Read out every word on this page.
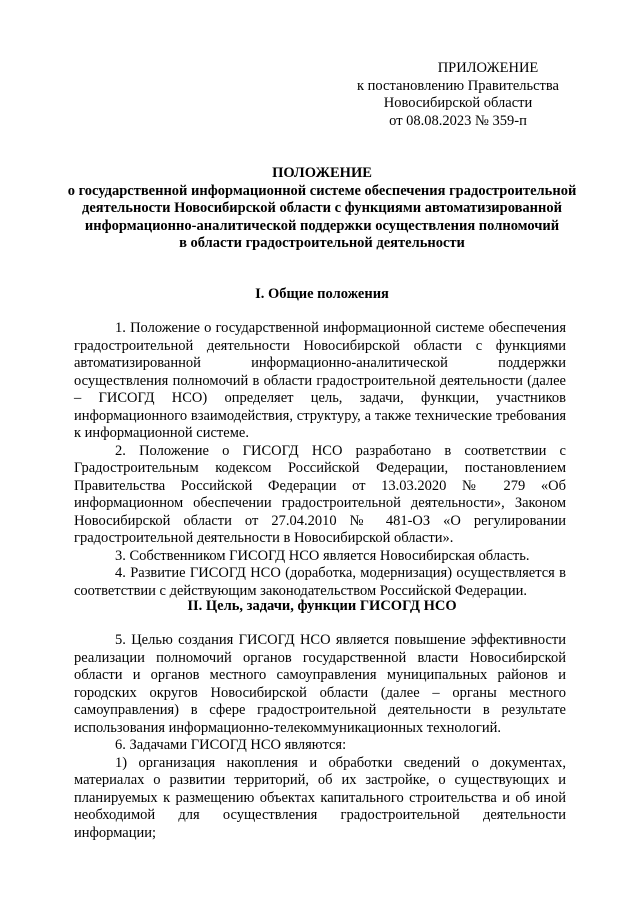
ПРИЛОЖЕНИЕ
к постановлению Правительства
Новосибирской области
от 08.08.2023 № 359-п
ПОЛОЖЕНИЕ
о государственной информационной системе обеспечения градостроительной
деятельности Новосибирской области с функциями автоматизированной
информационно-аналитической поддержки осуществления полномочий
в области градостроительной деятельности
I. Общие положения

1. Положение о государственной информационной системе обеспечения градостроительной деятельности Новосибирской области с функциями автоматизированной информационно-аналитической поддержки осуществления полномочий в области градостроительной деятельности (далее – ГИСОГД НСО) определяет цель, задачи, функции, участников информационного взаимодействия, структуру, а также технические требования к информационной системе.

2. Положение о ГИСОГД НСО разработано в соответствии с Градостроительным кодексом Российской Федерации, постановлением Правительства Российской Федерации от 13.03.2020 № 279 «Об информационном обеспечении градостроительной деятельности», Законом Новосибирской области от 27.04.2010 № 481-ОЗ «О регулировании градостроительной деятельности в Новосибирской области».

3. Собственником ГИСОГД НСО является Новосибирская область.

4. Развитие ГИСОГД НСО (доработка, модернизация) осуществляется в соответствии с действующим законодательством Российской Федерации.

II. Цель, задачи, функции ГИСОГД НСО

5. Целью создания ГИСОГД НСО является повышение эффективности реализации полномочий органов государственной власти Новосибирской области и органов местного самоуправления муниципальных районов и городских округов Новосибирской области (далее – органы местного самоуправления) в сфере градостроительной деятельности в результате использования информационно-телекоммуникационных технологий.

6. Задачами ГИСОГД НСО являются:

1) организация накопления и обработки сведений о документах, материалах о развитии территорий, об их застройке, о существующих и планируемых к размещению объектах капитального строительства и об иной необходимой для осуществления градостроительной деятельности информации;
